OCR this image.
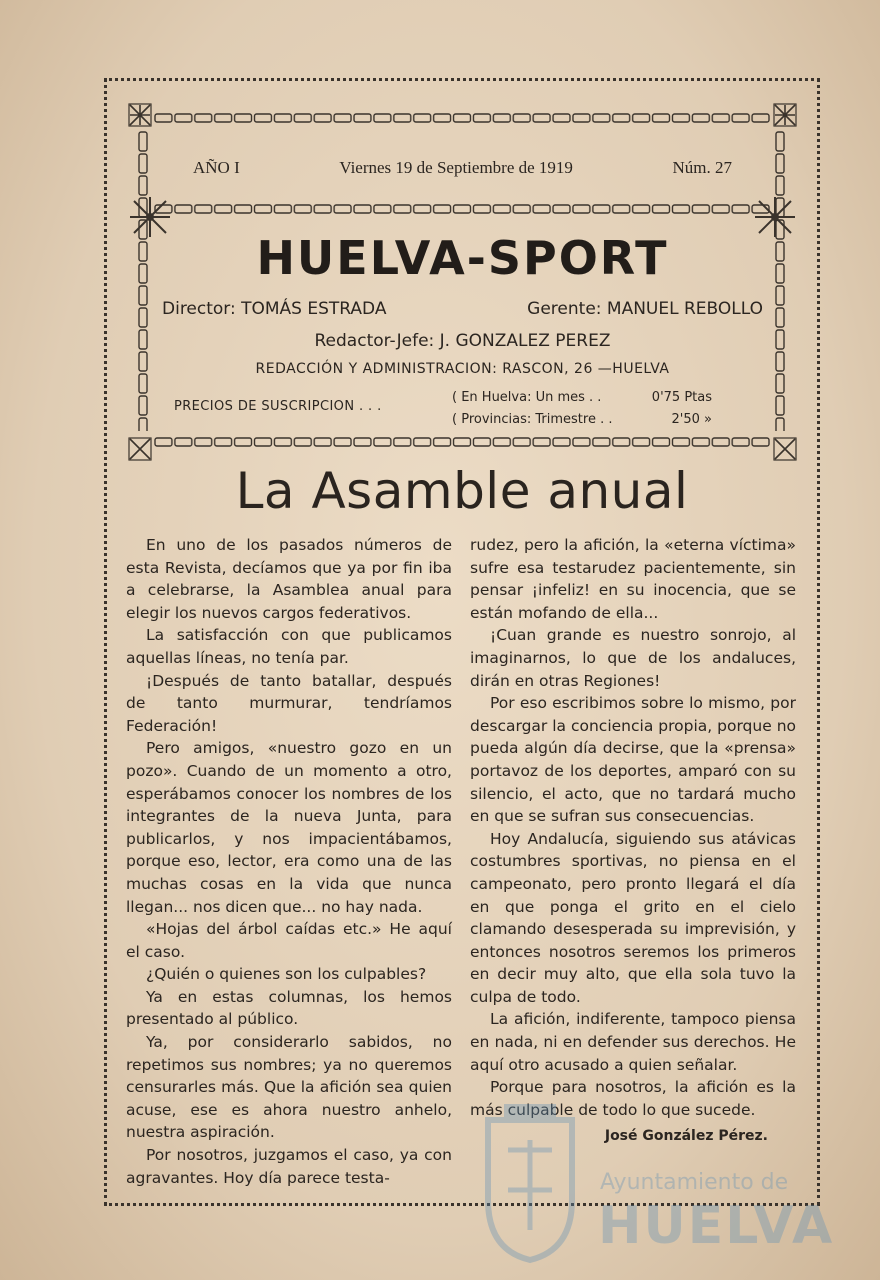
AÑO I	Viernes 19 de Septiembre de 1919	Núm. 27
HUELVA-SPORT
Director: TOMÁS ESTRADA	Gerente: MANUEL REBOLLO
Redactor-Jefe: J. GONZALEZ PEREZ
REDACCIÓN Y ADMINISTRACION: RASCON, 26 —HUELVA
PRECIOS DE SUSCRIPCION . . .
( En Huelva: Un mes . .	0'75 Ptas
( Provincias: Trimestre . .	2'50 »
La Asamble anual

En uno de los pasados números de esta Revista, decíamos que ya por fin iba a celebrarse, la Asamblea anual para elegir los nuevos cargos federativos.

La satisfacción con que publicamos aquellas líneas, no tenía par.

¡Después de tanto batallar, después de tanto murmurar, tendríamos Federación!

Pero amigos, «nuestro gozo en un pozo». Cuando de un momento a otro, esperábamos conocer los nombres de los integrantes de la nueva Junta, para publicarlos, y nos impacientábamos, porque eso, lector, era como una de las muchas cosas en la vida que nunca llegan... nos dicen que... no hay nada.

«Hojas del árbol caídas etc.» He aquí el caso.

¿Quién o quienes son los culpables?

Ya en estas columnas, los hemos presentado al público.

Ya, por considerarlo sabidos, no repetimos sus nombres; ya no queremos censurarles más. Que la afición sea quien acuse, ese es ahora nuestro anhelo, nuestra aspiración.

Por nosotros, juzgamos el caso, ya con agravantes. Hoy día parece testa-

rudez, pero la afición, la «eterna víctima» sufre esa testarudez pacientemente, sin pensar ¡infeliz! en su inocencia, que se están mofando de ella...

¡Cuan grande es nuestro sonrojo, al imaginarnos, lo que de los andaluces, dirán en otras Regiones!

Por eso escribimos sobre lo mismo, por descargar la conciencia propia, porque no pueda algún día decirse, que la «prensa» portavoz de los deportes, amparó con su silencio, el acto, que no tardará mucho en que se sufran sus consecuencias.

Hoy Andalucía, siguiendo sus atávicas costumbres sportivas, no piensa en el campeonato, pero pronto llegará el día en que ponga el grito en el cielo clamando desesperada su imprevisión, y entonces nosotros seremos los primeros en decir muy alto, que ella sola tuvo la culpa de todo.

La afición, indiferente, tampoco piensa en nada, ni en defender sus derechos. He aquí otro acusado a quien señalar.

Porque para nosotros, la afición es la más culpable de todo lo que sucede.

José González Pérez.
Ayuntamiento de
HUELVA
